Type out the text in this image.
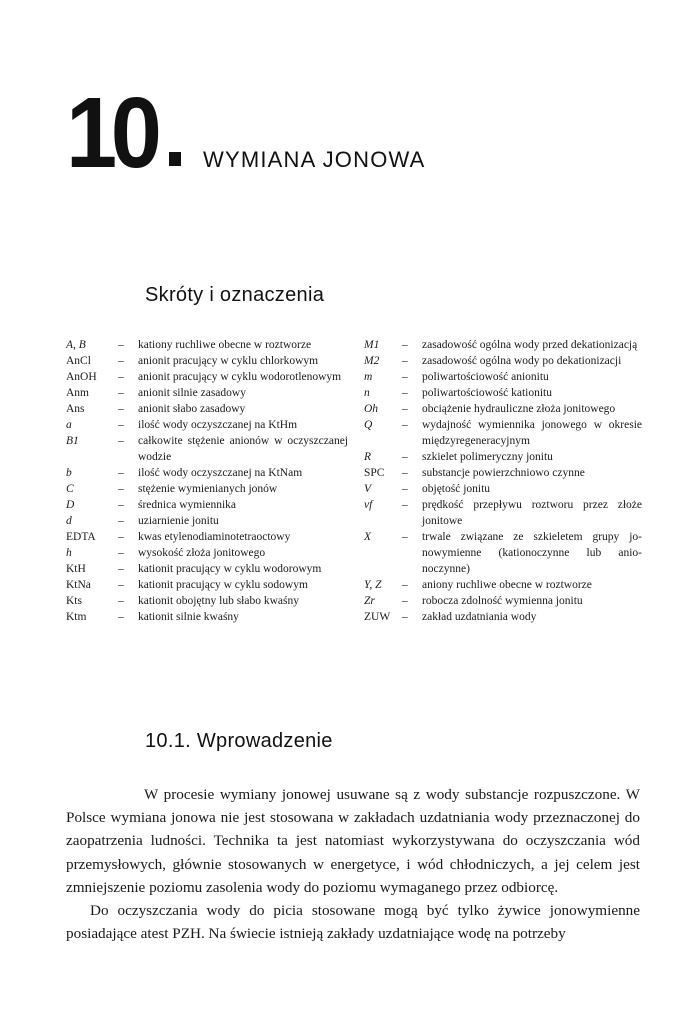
10 WYMIANA JONOWA
Skróty i oznaczenia
A, B	–	kationy ruchliwe obecne w roztworze
AnCl	–	anionit pracujący w cyklu chlorkowym
AnOH	–	anionit pracujący w cyklu wodorotlenowym
Anm	–	anionit silnie zasadowy
Ans	–	anionit słabo zasadowy
a	–	ilość wody oczyszczanej na KtHm
B1	–	całkowite stężenie anionów w oczyszczanej wodzie
b	–	ilość wody oczyszczanej na KtNam
C	–	stężenie wymienianych jonów
D	–	średnica wymiennika
d	–	uziarnienie jonitu
EDTA	–	kwas etylenodiaminotetraoctowy
h	–	wysokość złoża jonitowego
KtH	–	kationit pracujący w cyklu wodorowym
KtNa	–	kationit pracujący w cyklu sodowym
Kts	–	kationit obojętny lub słabo kwaśny
Ktm	–	kationit silnie kwaśny
M1	–	zasadowość ogólna wody przed dekationizacją
M2	–	zasadowość ogólna wody po dekationizacji
m	–	poliwartościowość anionitu
n	–	poliwartościowość kationitu
Oh	–	obciążenie hydrauliczne złoża jonitowego
Q	–	wydajność wymiennika jonowego w okresie międzyregeneracyjnym
R	–	szkielet polimeryczny jonitu
SPC	–	substancje powierzchniowo czynne
V	–	objętość jonitu
vf	–	prędkość przepływu roztworu przez złoże jonitowe
X	–	trwale związane ze szkieletem grupy jonowymienne (kationoczynne lub anionoczynne)
Y, Z	–	aniony ruchliwe obecne w roztworze
Zr	–	robocza zdolność wymienna jonitu
ZUW	–	zakład uzdatniania wody
10.1. Wprowadzenie

W procesie wymiany jonowej usuwane są z wody substancje rozpuszczone. W Polsce wymiana jonowa nie jest stosowana w zakładach uzdatniania wody przeznaczonej do zaopatrzenia ludności. Technika ta jest natomiast wykorzystywana do oczyszczania wód przemysłowych, głównie stosowanych w energetyce, i wód chłodniczych, a jej celem jest zmniejszenie poziomu zasolenia wody do poziomu wymaganego przez odbiorcę.

Do oczyszczania wody do picia stosowane mogą być tylko żywice jonowymienne posiadające atest PZH. Na świecie istnieją zakłady uzdatniające wodę na potrzeby
